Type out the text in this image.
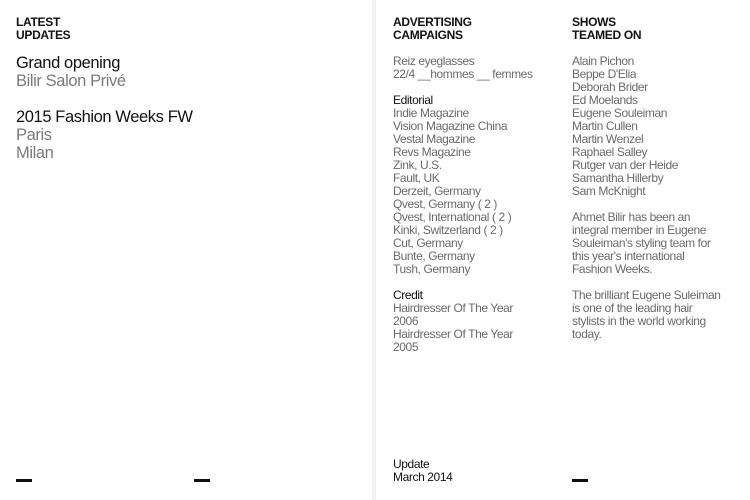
LATEST
UPDATES
Grand opening
Bilir Salon Privé
2015 Fashion Weeks FW
Paris
Milan
ADVERTISING
CAMPAIGNS
Reiz eyeglasses
22/4 __hommes __ femmes
Editorial
Indie Magazine
Vision Magazine China
Vestal Magazine
Revs Magazine
Zink, U.S.
Fault, UK
Derzeit, Germany
Qvest, Germany ( 2 )
Qvest, International ( 2 )
Kinki, Switzerland ( 2 )
Cut, Germany
Bunte, Germany
Tush, Germany
Credit
Hairdresser Of The Year
2006
Hairdresser Of The Year
2005
SHOWS
TEAMED ON
Alain Pichon
Beppe D'Elia
Deborah Brider
Ed Moelands
Eugene Souleiman
Martin Cullen
Martin Wenzel
Raphael Salley
Rutger van der Heide
Samantha Hillerby
Sam McKnight
Ahmet Bilir has been an
integral member in Eugene
Souleiman's styling team for
this year's international
Fashion Weeks.
The brilliant Eugene Suleiman
is one of the leading hair
stylists in the world working
today.
Update
March 2014
